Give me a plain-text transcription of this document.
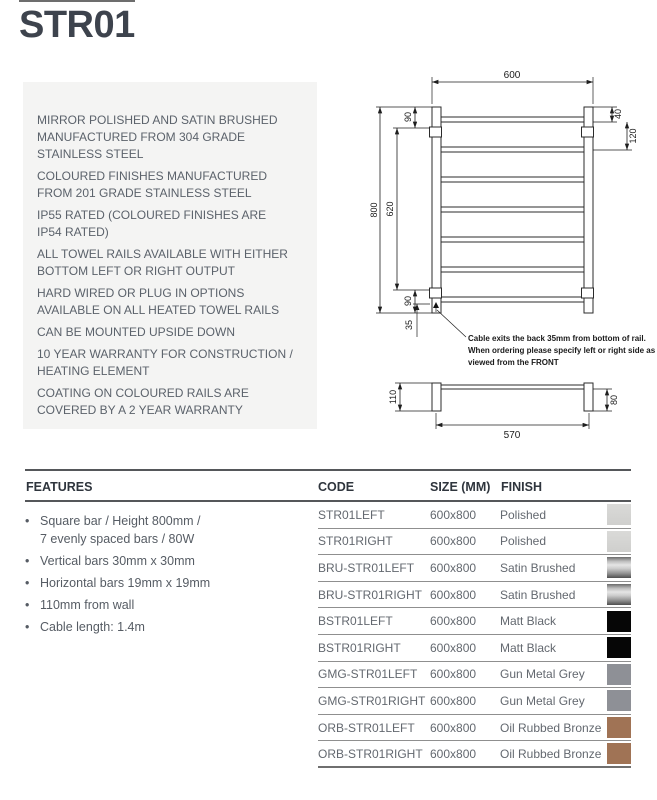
STR01

MIRROR POLISHED AND SATIN BRUSHED
MANUFACTURED FROM 304 GRADE
STAINLESS STEEL

COLOURED FINISHES MANUFACTURED
FROM 201 GRADE STAINLESS STEEL

IP55 RATED (COLOURED FINISHES ARE
IP54 RATED)

ALL TOWEL RAILS AVAILABLE WITH EITHER
BOTTOM LEFT OR RIGHT OUTPUT

HARD WIRED OR PLUG IN OPTIONS
AVAILABLE ON ALL HEATED TOWEL RAILS

CAN BE MOUNTED UPSIDE DOWN

10 YEAR WARRANTY FOR CONSTRUCTION /
HEATING ELEMENT

COATING ON COLOURED RAILS ARE
COVERED BY A 2 YEAR WARRANTY

600
800
90
620
90
35
40
120
Cable exits the back 35mm from bottom of rail.
When ordering please specify left or right side as
viewed from the FRONT
110	80
570
FEATURES	CODE	SIZE (MM) FINISH
• Square bar / Height 800mm /
7 evenly spaced bars / 80W
• Vertical bars 30mm x 30mm
• Horizontal bars 19mm x 19mm
• 110mm from wall
• Cable length: 1.4m
STR01LEFT	600x800	Polished
STR01RIGHT	600x800	Polished
BRU-STR01LEFT	600x800	Satin Brushed
BRU-STR01RIGHT 600x800	Satin Brushed
BSTR01LEFT	600x800	Matt Black
BSTR01RIGHT	600x800	Matt Black
GMG-STR01LEFT	600x800	Gun Metal Grey
GMG-STR01RIGHT 600x800	Gun Metal Grey
ORB-STR01LEFT	600x800	Oil Rubbed Bronze
ORB-STR01RIGHT 600x800	Oil Rubbed Bronze
